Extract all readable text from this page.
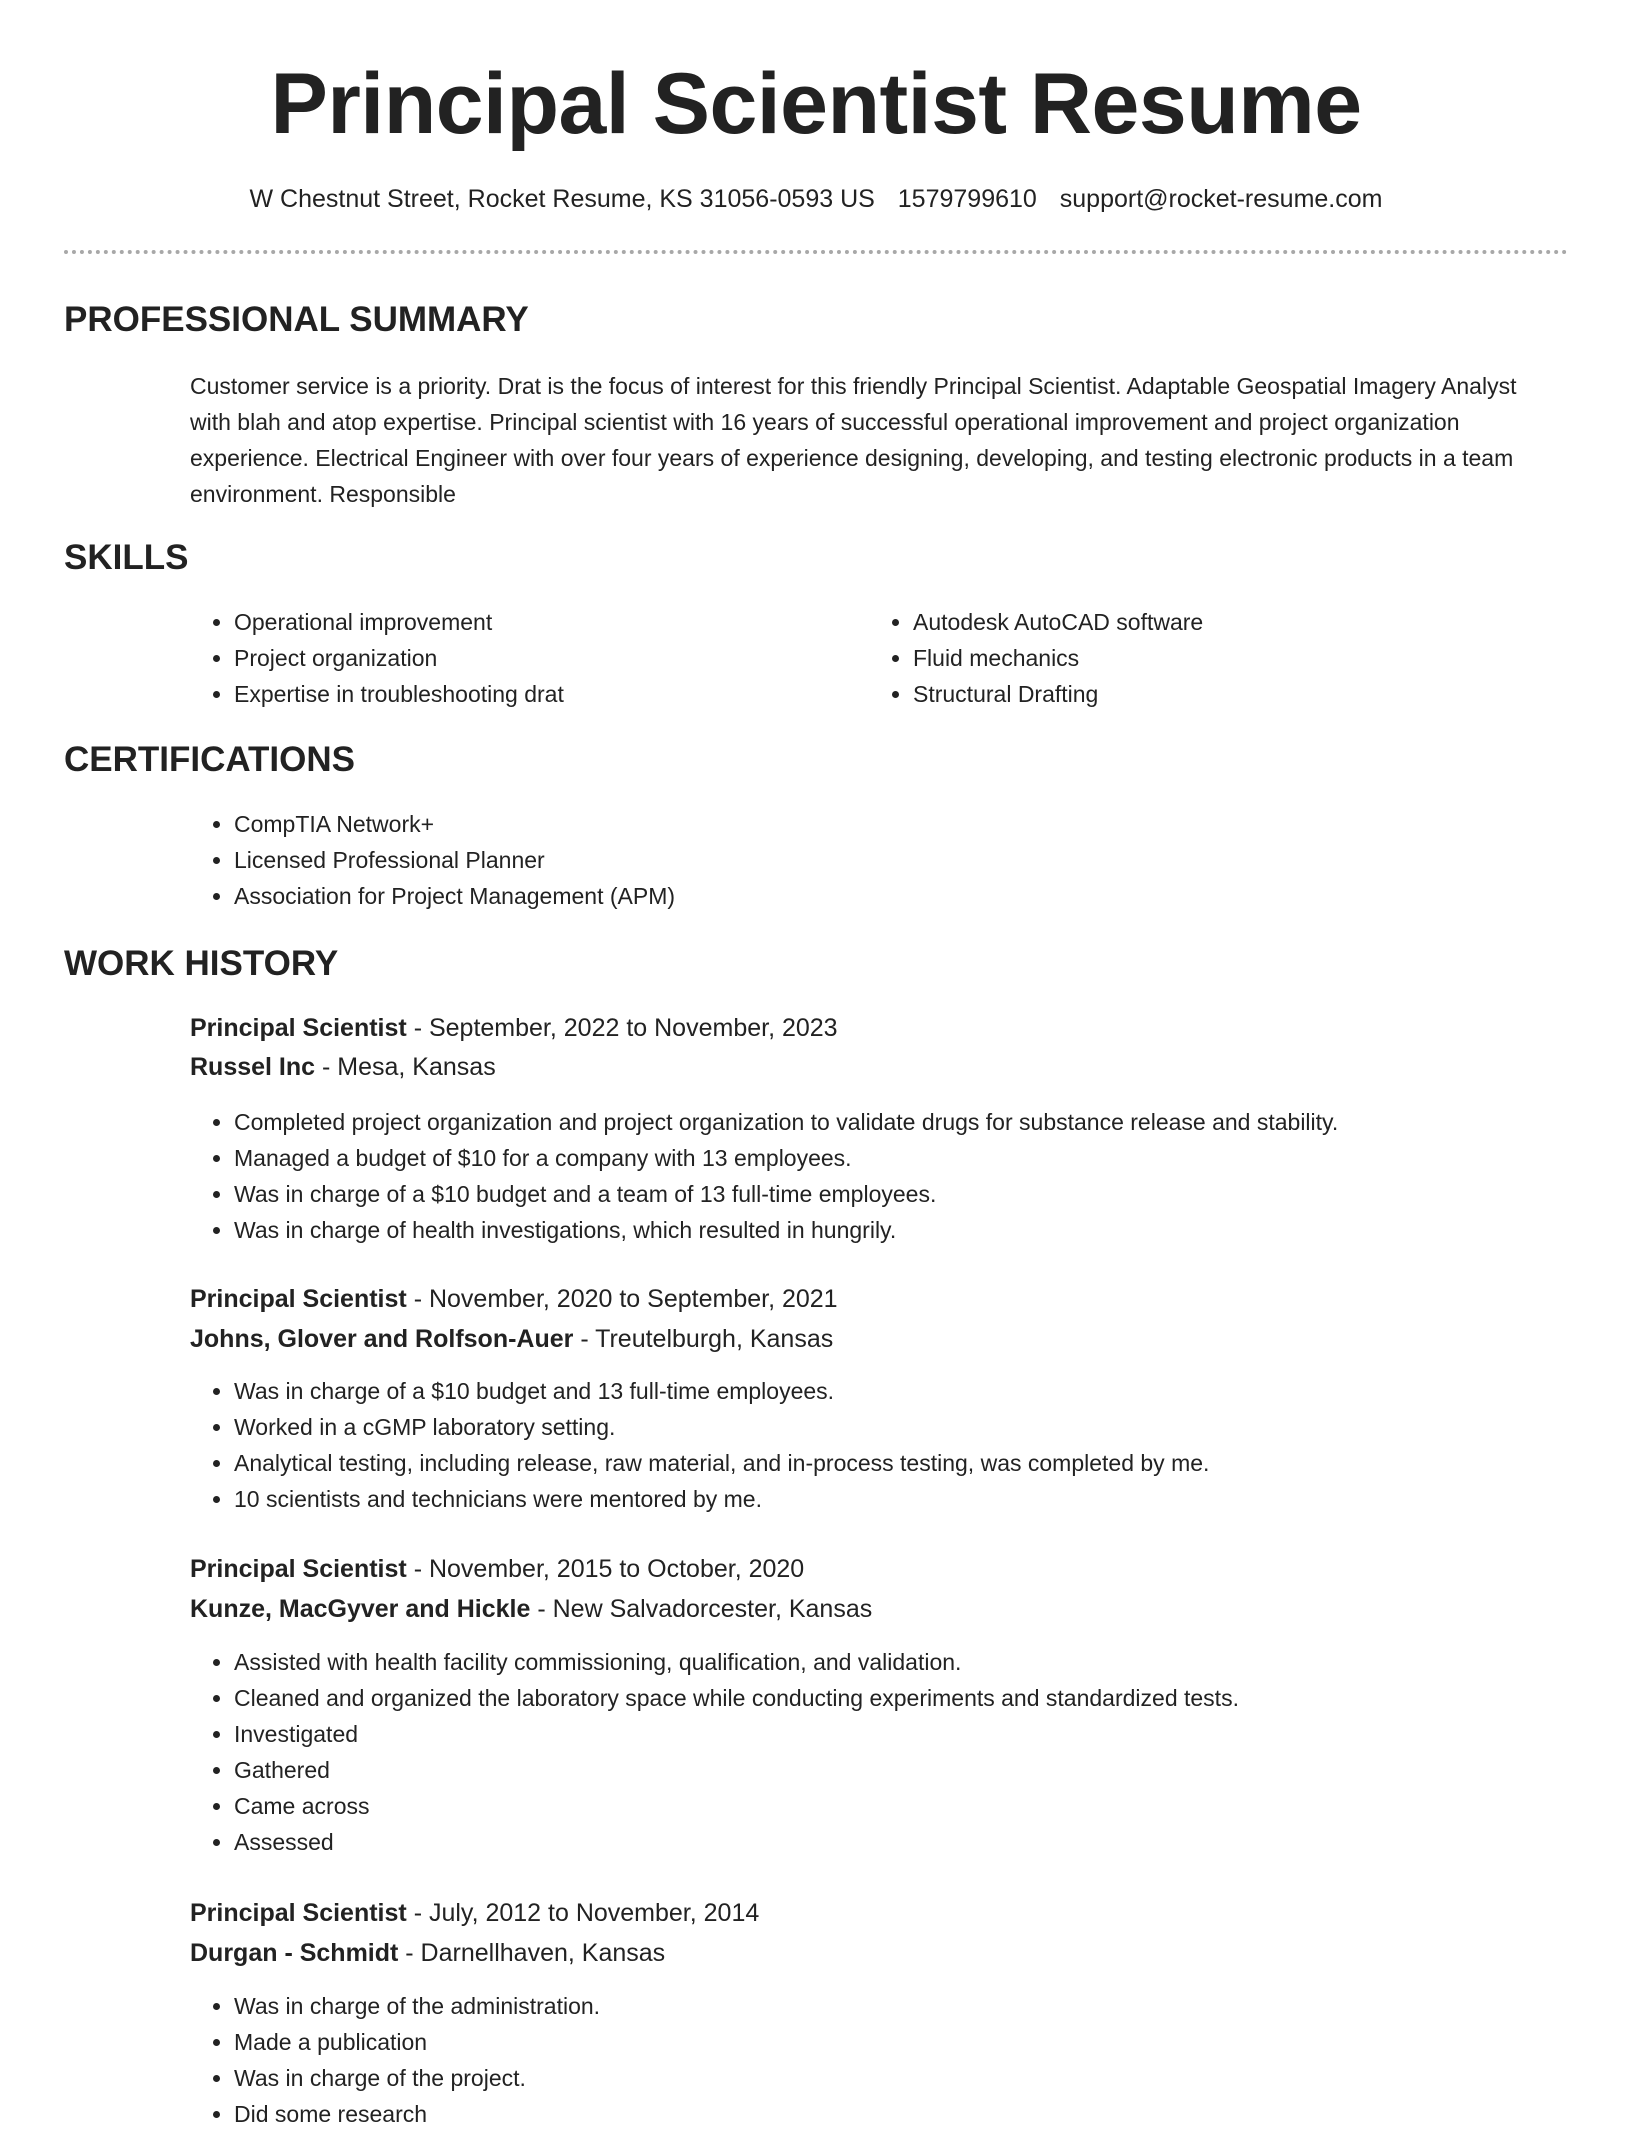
Principal Scientist Resume
W Chestnut Street, Rocket Resume, KS 31056-0593 US 1579799610 support@rocket-resume.com
PROFESSIONAL SUMMARY

Customer service is a priority. Drat is the focus of interest for this friendly Principal Scientist. Adaptable Geospatial Imagery Analyst with blah and atop expertise. Principal scientist with 16 years of successful operational improvement and project organization experience. Electrical Engineer with over four years of experience designing, developing, and testing electronic products in a team environment. Responsible

SKILLS
• Operational improvement
• Project organization
• Expertise in troubleshooting drat
• Autodesk AutoCAD software
• Fluid mechanics
• Structural Drafting
CERTIFICATIONS
• CompTIA Network+
• Licensed Professional Planner
• Association for Project Management (APM)
WORK HISTORY
Principal Scientist - September, 2022 to November, 2023
Russel Inc - Mesa, Kansas
• Completed project organization and project organization to validate drugs for substance release and stability.
• Managed a budget of $10 for a company with 13 employees.
• Was in charge of a $10 budget and a team of 13 full-time employees.
• Was in charge of health investigations, which resulted in hungrily.
Principal Scientist - November, 2020 to September, 2021
Johns, Glover and Rolfson-Auer - Treutelburgh, Kansas
• Was in charge of a $10 budget and 13 full-time employees.
• Worked in a cGMP laboratory setting.
• Analytical testing, including release, raw material, and in-process testing, was completed by me.
• 10 scientists and technicians were mentored by me.
Principal Scientist - November, 2015 to October, 2020
Kunze, MacGyver and Hickle - New Salvadorcester, Kansas
• Assisted with health facility commissioning, qualification, and validation.
• Cleaned and organized the laboratory space while conducting experiments and standardized tests.
• Investigated
• Gathered
• Came across
• Assessed
Principal Scientist - July, 2012 to November, 2014
Durgan - Schmidt - Darnellhaven, Kansas
• Was in charge of the administration.
• Made a publication
• Was in charge of the project.
• Did some research
